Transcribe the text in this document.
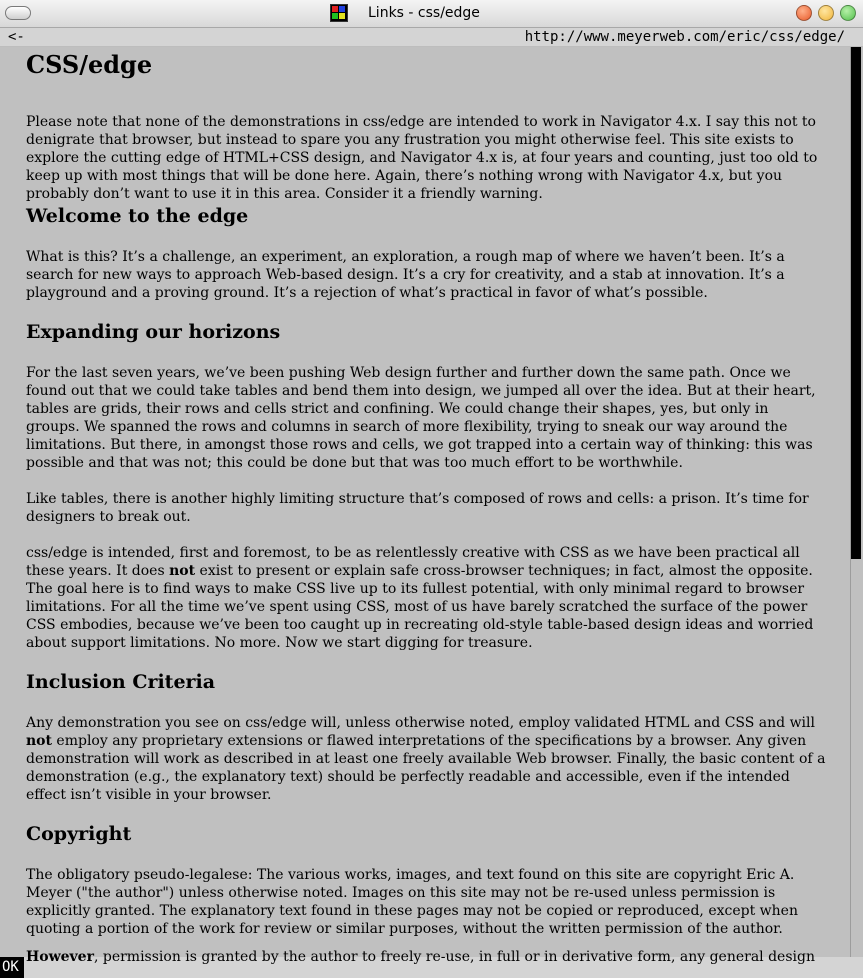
Links - css/edge
<-	http://www.meyerweb.com/eric/css/edge/
CSS/edge

Please note that none of the demonstrations in css/edge are intended to work in Navigator 4.x. I say this not to denigrate that browser, but instead to spare you any frustration you might otherwise feel. This site exists to explore the cutting edge of HTML+CSS design, and Navigator 4.x is, at four years and counting, just too old to keep up with most things that will be done here. Again, there’s nothing wrong with Navigator 4.x, but you probably don’t want to use it in this area. Consider it a friendly warning.

Welcome to the edge

What is this? It’s a challenge, an experiment, an exploration, a rough map of where we haven’t been. It’s a search for new ways to approach Web-based design. It’s a cry for creativity, and a stab at innovation. It’s a playground and a proving ground. It’s a rejection of what’s practical in favor of what’s possible.

Expanding our horizons

For the last seven years, we’ve been pushing Web design further and further down the same path. Once we found out that we could take tables and bend them into design, we jumped all over the idea. But at their heart, tables are grids, their rows and cells strict and confining. We could change their shapes, yes, but only in groups. We spanned the rows and columns in search of more flexibility, trying to sneak our way around the limitations. But there, in amongst those rows and cells, we got trapped into a certain way of thinking: this was possible and that was not; this could be done but that was too much effort to be worthwhile.

Like tables, there is another highly limiting structure that’s composed of rows and cells: a prison. It’s time for designers to break out.

css/edge is intended, first and foremost, to be as relentlessly creative with CSS as we have been practical all these years. It does not exist to present or explain safe cross-browser techniques; in fact, almost the opposite. The goal here is to find ways to make CSS live up to its fullest potential, with only minimal regard to browser limitations. For all the time we’ve spent using CSS, most of us have barely scratched the surface of the power CSS embodies, because we’ve been too caught up in recreating old-style table-based design ideas and worried about support limitations. No more. Now we start digging for treasure.

Inclusion Criteria

Any demonstration you see on css/edge will, unless otherwise noted, employ validated HTML and CSS and will not employ any proprietary extensions or flawed interpretations of the specifications by a browser. Any given demonstration will work as described in at least one freely available Web browser. Finally, the basic content of a demonstration (e.g., the explanatory text) should be perfectly readable and accessible, even if the intended effect isn’t visible in your browser.

Copyright

The obligatory pseudo-legalese: The various works, images, and text found on this site are copyright Eric A. Meyer ("the author") unless otherwise noted. Images on this site may not be re-used unless permission is explicitly granted. The explanatory text found in these pages may not be copied or reproduced, except when quoting a portion of the work for review or similar purposes, without the written permission of the author.

However, permission is granted by the author to freely re-use, in full or in derivative form, any general design
OK
